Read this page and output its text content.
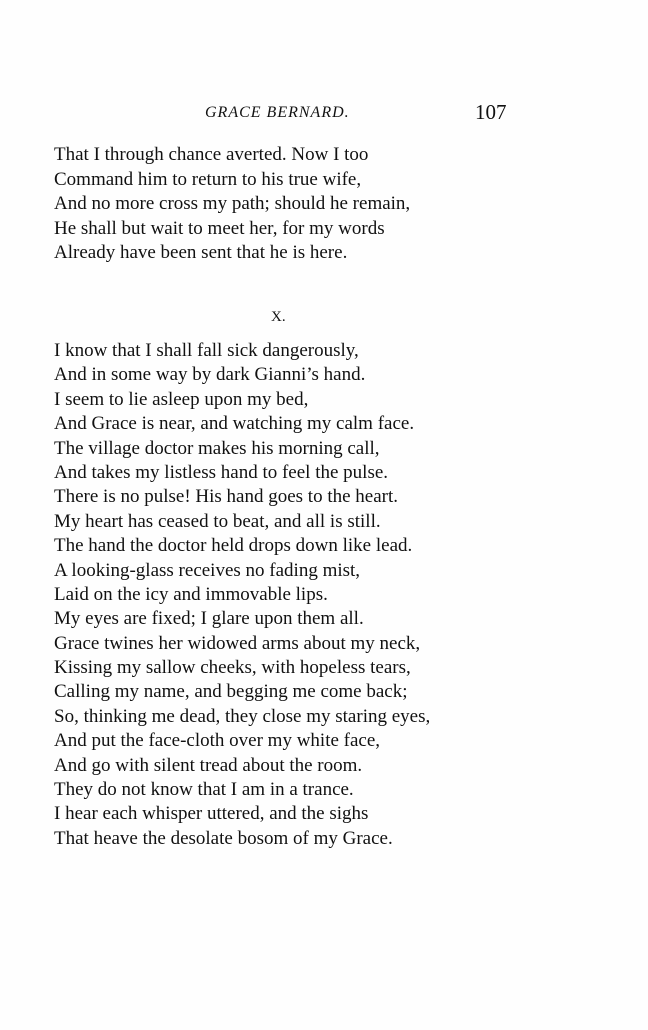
GRACE BERNARD.	107
That I through chance averted. Now I too
Command him to return to his true wife,
And no more cross my path; should he remain,
He shall but wait to meet her, for my words
Already have been sent that he is here.
X.
I know that I shall fall sick dangerously,
And in some way by dark Gianni’s hand.
I seem to lie asleep upon my bed,
And Grace is near, and watching my calm face.
The village doctor makes his morning call,
And takes my listless hand to feel the pulse.
There is no pulse! His hand goes to the heart.
My heart has ceased to beat, and all is still.
The hand the doctor held drops down like lead.
A looking-glass receives no fading mist,
Laid on the icy and immovable lips.
My eyes are fixed; I glare upon them all.
Grace twines her widowed arms about my neck,
Kissing my sallow cheeks, with hopeless tears,
Calling my name, and begging me come back;
So, thinking me dead, they close my staring eyes,
And put the face-cloth over my white face,
And go with silent tread about the room.
They do not know that I am in a trance.
I hear each whisper uttered, and the sighs
That heave the desolate bosom of my Grace.
